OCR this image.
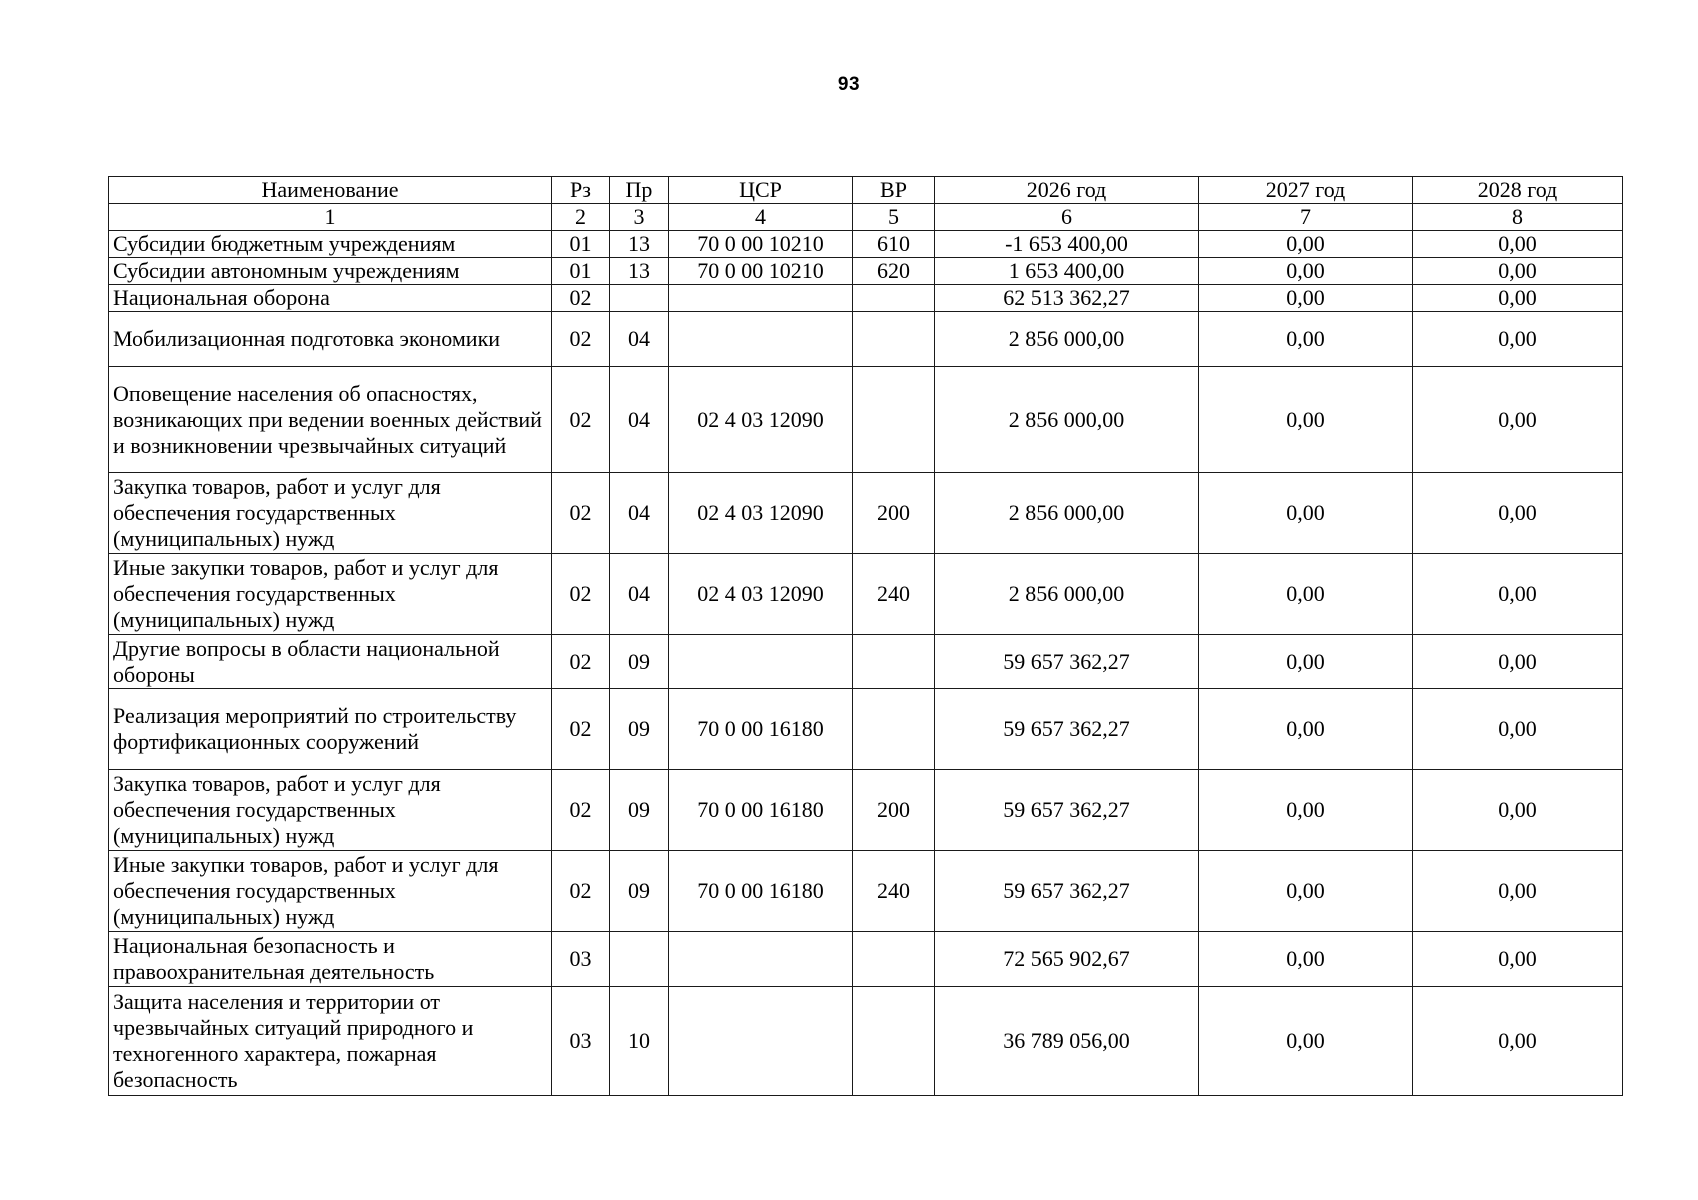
93
Наименование	Рз	Пр	ЦСР	ВР	2026 год	2027 год	2028 год
1	2	3	4	5	6	7	8
Субсидии бюджетным учреждениям	01	13	70 0 00 10210	610	-1 653 400,00	0,00	0,00
Субсидии автономным учреждениям	01	13	70 0 00 10210	620	1 653 400,00	0,00	0,00
Национальная оборона	02				62 513 362,27	0,00	0,00
Мобилизационная подготовка экономики	02	04			2 856 000,00	0,00	0,00
Оповещение населения об опасностях, возникающих при ведении военных действий и возникновении чрезвычайных ситуаций	02	04	02 4 03 12090		2 856 000,00	0,00	0,00
Закупка товаров, работ и услуг для обеспечения государственных (муниципальных) нужд	02	04	02 4 03 12090	200	2 856 000,00	0,00	0,00
Иные закупки товаров, работ и услуг для обеспечения государственных (муниципальных) нужд	02	04	02 4 03 12090	240	2 856 000,00	0,00	0,00
Другие вопросы в области национальной обороны	02	09			59 657 362,27	0,00	0,00
Реализация мероприятий по строительству фортификационных сооружений	02	09	70 0 00 16180		59 657 362,27	0,00	0,00
Закупка товаров, работ и услуг для обеспечения государственных (муниципальных) нужд	02	09	70 0 00 16180	200	59 657 362,27	0,00	0,00
Иные закупки товаров, работ и услуг для обеспечения государственных (муниципальных) нужд	02	09	70 0 00 16180	240	59 657 362,27	0,00	0,00
Национальная безопасность и правоохранительная деятельность	03				72 565 902,67	0,00	0,00
Защита населения и территории от чрезвычайных ситуаций природного и техногенного характера, пожарная безопасность	03	10			36 789 056,00	0,00	0,00
